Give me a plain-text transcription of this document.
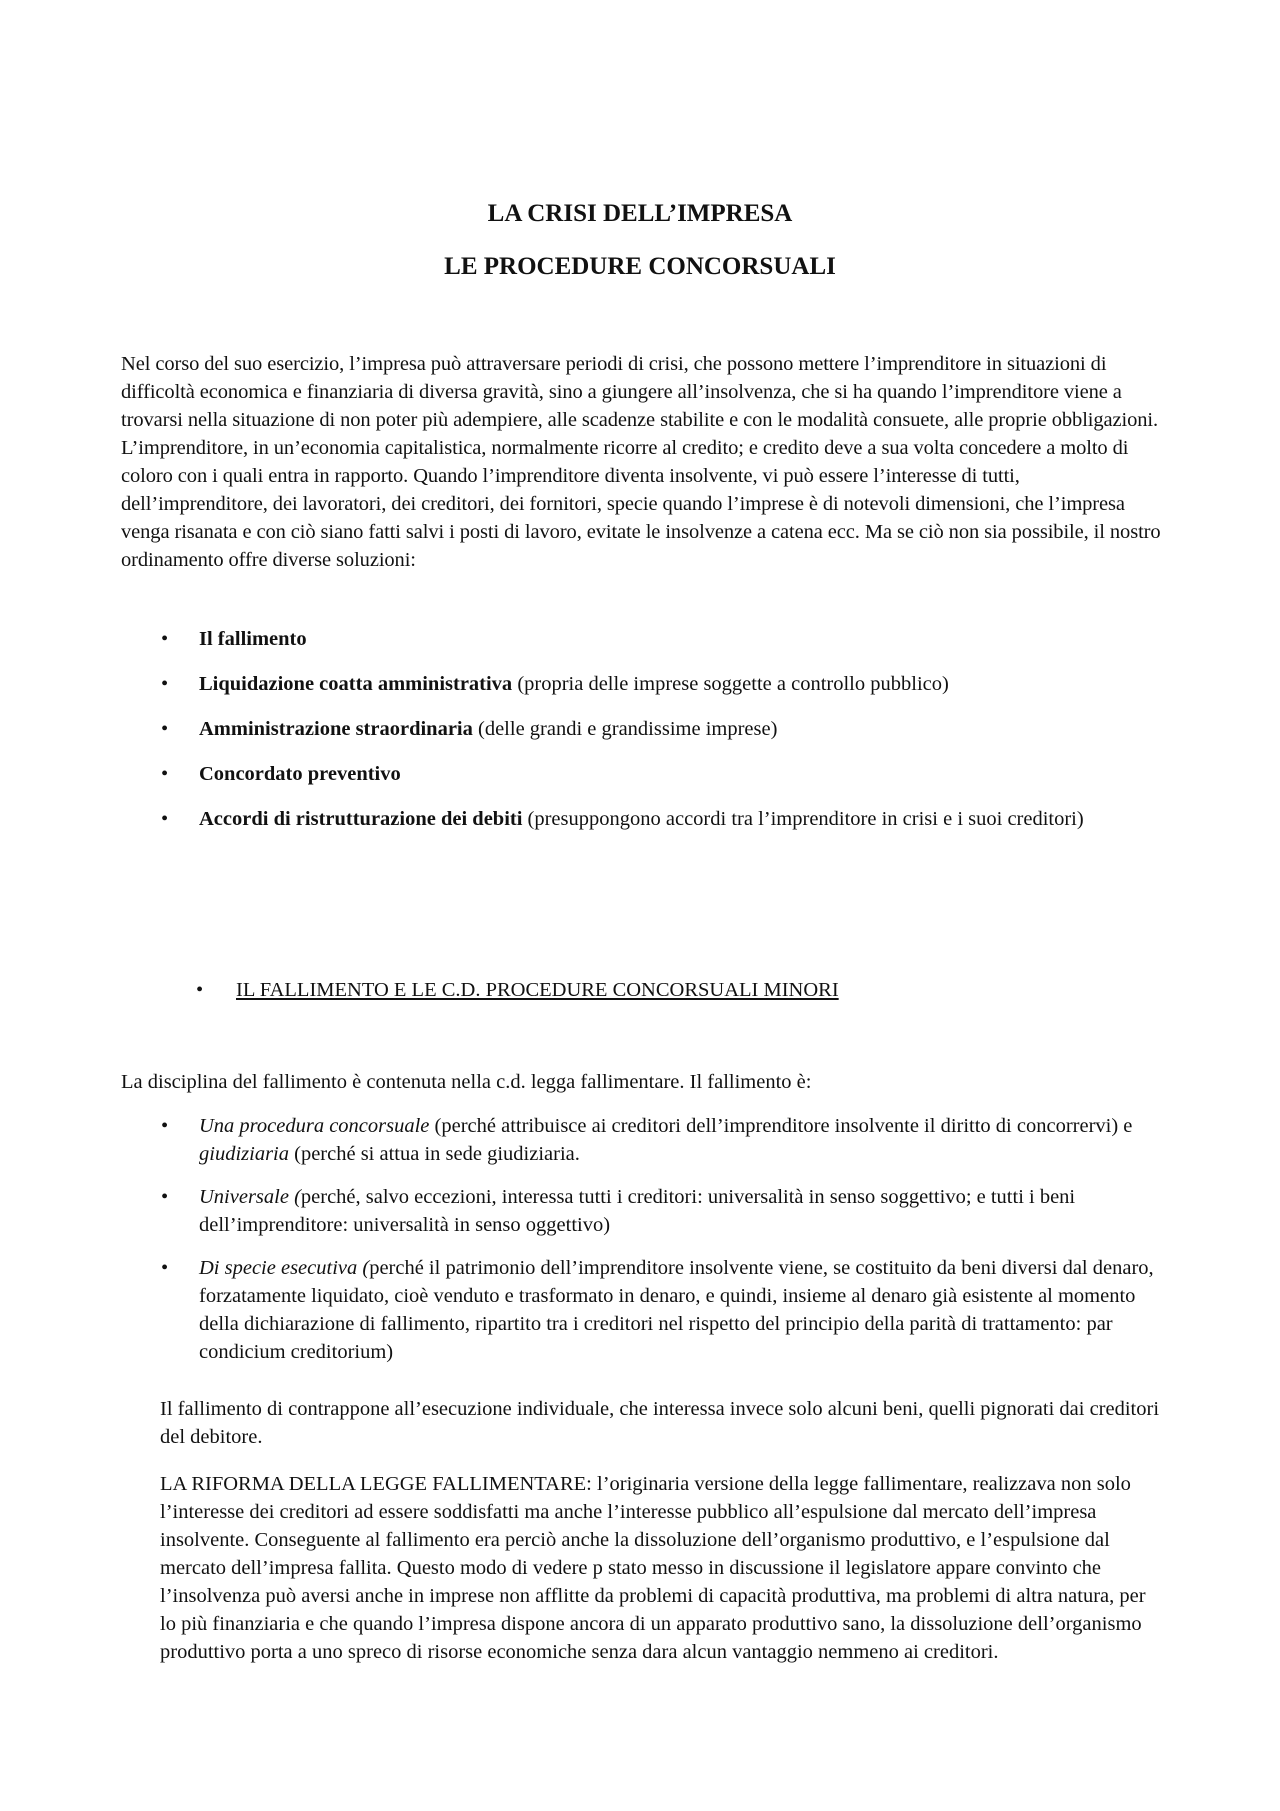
LA CRISI DELL’IMPRESA
LE PROCEDURE CONCORSUALI

Nel corso del suo esercizio, l’impresa può attraversare periodi di crisi, che possono mettere l’imprenditore in situazioni di difficoltà economica e finanziaria di diversa gravità, sino a giungere all’insolvenza, che si ha quando l’imprenditore viene a trovarsi nella situazione di non poter più adempiere, alle scadenze stabilite e con le modalità consuete, alle proprie obbligazioni. L’imprenditore, in un’economia capitalistica, normalmente ricorre al credito; e credito deve a sua volta concedere a molto di coloro con i quali entra in rapporto. Quando l’imprenditore diventa insolvente, vi può essere l’interesse di tutti, dell’imprenditore, dei lavoratori, dei creditori, dei fornitori, specie quando l’imprese è di notevoli dimensioni, che l’impresa venga risanata e con ciò siano fatti salvi i posti di lavoro, evitate le insolvenze a catena ecc. Ma se ciò non sia possibile, il nostro ordinamento offre diverse soluzioni:

• Il fallimento
• Liquidazione coatta amministrativa (propria delle imprese soggette a controllo pubblico)
• Amministrazione straordinaria (delle grandi e grandissime imprese)
• Concordato preventivo
• Accordi di ristrutturazione dei debiti (presuppongono accordi tra l’imprenditore in crisi e i suoi creditori)
• IL FALLIMENTO E LE C.D. PROCEDURE CONCORSUALI MINORI

La disciplina del fallimento è contenuta nella c.d. legga fallimentare. Il fallimento è:

• Una procedura concorsuale (perché attribuisce ai creditori dell’imprenditore insolvente il diritto di concorrervi) e giudiziaria (perché si attua in sede giudiziaria.
• Universale (perché, salvo eccezioni, interessa tutti i creditori: universalità in senso soggettivo; e tutti i beni dell’imprenditore: universalità in senso oggettivo)
• Di specie esecutiva (perché il patrimonio dell’imprenditore insolvente viene, se costituito da beni diversi dal denaro, forzatamente liquidato, cioè venduto e trasformato in denaro, e quindi, insieme al denaro già esistente al momento della dichiarazione di fallimento, ripartito tra i creditori nel rispetto del principio della parità di trattamento: par condicium creditorium)

Il fallimento di contrappone all’esecuzione individuale, che interessa invece solo alcuni beni, quelli pignorati dai creditori del debitore.

LA RIFORMA DELLA LEGGE FALLIMENTARE: l’originaria versione della legge fallimentare, realizzava non solo l’interesse dei creditori ad essere soddisfatti ma anche l’interesse pubblico all’espulsione dal mercato dell’impresa insolvente. Conseguente al fallimento era perciò anche la dissoluzione dell’organismo produttivo, e l’espulsione dal mercato dell’impresa fallita. Questo modo di vedere p stato messo in discussione il legislatore appare convinto che l’insolvenza può aversi anche in imprese non afflitte da problemi di capacità produttiva, ma problemi di altra natura, per lo più finanziaria e che quando l’impresa dispone ancora di un apparato produttivo sano, la dissoluzione dell’organismo produttivo porta a uno spreco di risorse economiche senza dara alcun vantaggio nemmeno ai creditori.
